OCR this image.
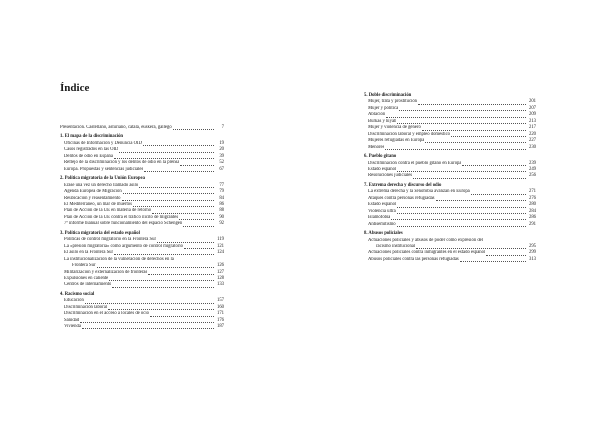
Índice
Presentación. Castellano, asturiano, catalá, euskera, gallego	7
1. El mapa de la discriminación
Oficinas de Información y Denuncia OID	19
Casos registrados en las OID	20
Delitos de odio en España	39
Reflejo de la discriminación y los delitos de odio en la prensa	52
Europa. Propuestas y sentencias judiciales	67
2. Política migratoria de la Unión Europea
Érase una vez un derecho llamado asilo	77
Agenda Europea de Migración	79
Reubicación y reasentamiento	84
El Mediterráneo, un mar de muertos	86
Plan de Acción de la UE en materia de retorno	88
Plan de Acción de la UE contra el tráfico ilícito de migrantes	90
7º informe bianual sobre funcionamiento del espacio Schengen	92
3. Política migratoria del estado español
Políticas de control migratorio en la Frontera Sur	119
La «presión migratoria» como argumento de control migratorio	121
El asilo en la Frontera Sur	124
La institucionalización de la vulneración de derechos en la
Frontera Sur	126
Militarización y externalización de fronteras	127
Expulsiones en caliente	128
Centros de internamiento	133
4. Racismo social
Educación	157
Discriminación laboral	160
Discriminación en el acceso a locales de ocio	171
Sanidad	176
Vivienda	187
5. Doble discriminación
Mujer, trata y prostitución	201
Mujer y política	207
Ablación	209
Burkas y hiyab	213
Mujer y violencia de género	217
Discriminación laboral y empleo doméstico	220
Mujeres refugiadas en Europa	227
Menores	230
6. Pueblo gitano
Discriminación contra el pueblo gitano en Europa	239
Estado español	249
Resoluciones judiciales	256
7. Extrema derecha y discurso del odio
La extrema derecha y la xenofobia avanzan en Europa	271
Ataques contra personas refugiadas	276
Estado español	280
Violencia ultra	284
Islamofobia	286
Antisemitismo	291
8. Abusos policiales
Actuaciones policiales y abusos de poder como expresión del
racismo institucional	295
Actuaciones policiales contra inmigrantes en el estado español	299
Abusos policiales contra las personas refugiadas	313
